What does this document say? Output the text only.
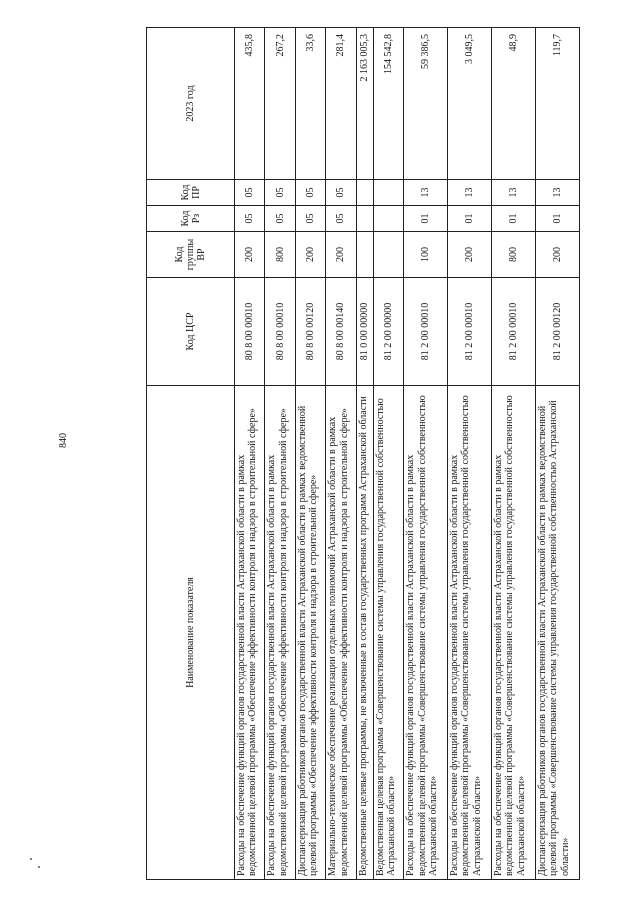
840
Наименование показателя	Код ЦСР	Код группы ВР	Код Рз	Код ПР	2023 год
Расходы на обеспечение функций органов государственной власти Астраханской области в рамках ведомственной целевой программы «Обеспечение эффективности контроля и надзора в строительной сфере»	80 8 00 00010	200	05	05	435,8
Расходы на обеспечение функций органов государственной власти Астраханской области в рамках ведомственной целевой программы «Обеспечение эффективности контроля и надзора в строительной сфере»	80 8 00 00010	800	05	05	267,2
Диспансеризация работников органов государственной власти Астраханской области в рамках ведомственной целевой программы «Обеспечение эффективности контроля и надзора в строительной сфере»	80 8 00 00120	200	05	05	33,6
Материально-техническое обеспечение реализации отдельных полномочий Астраханской области в рамках ведомственной целевой программы «Обеспечение эффективности контроля и надзора в строительной сфере»	80 8 00 00140	200	05	05	281,4
Ведомственные целевые программы, не включенные в состав государственных программ Астраханской области	81 0 00 00000				2 163 005,3
Ведомственная целевая программа «Совершенствование системы управления государственной собственностью Астраханской области»	81 2 00 00000				154 542,8
Расходы на обеспечение функций органов государственной власти Астраханской области в рамках ведомственной целевой программы «Совершенствование системы управления государственной собственностью Астраханской области»	81 2 00 00010	100	01	13	59 386,5
Расходы на обеспечение функций органов государственной власти Астраханской области в рамках ведомственной целевой программы «Совершенствование системы управления государственной собственностью Астраханской области»	81 2 00 00010	200	01	13	3 049,5
Расходы на обеспечение функций органов государственной власти Астраханской области в рамках ведомственной целевой программы «Совершенствование системы управления государственной собственностью Астраханской области»	81 2 00 00010	800	01	13	48,9
Диспансеризация работников органов государственной власти Астраханской области в рамках ведомственной целевой программы «Совершенствование системы управления государственной собственностью Астраханской области»	81 2 00 00120	200	01	13	119,7
